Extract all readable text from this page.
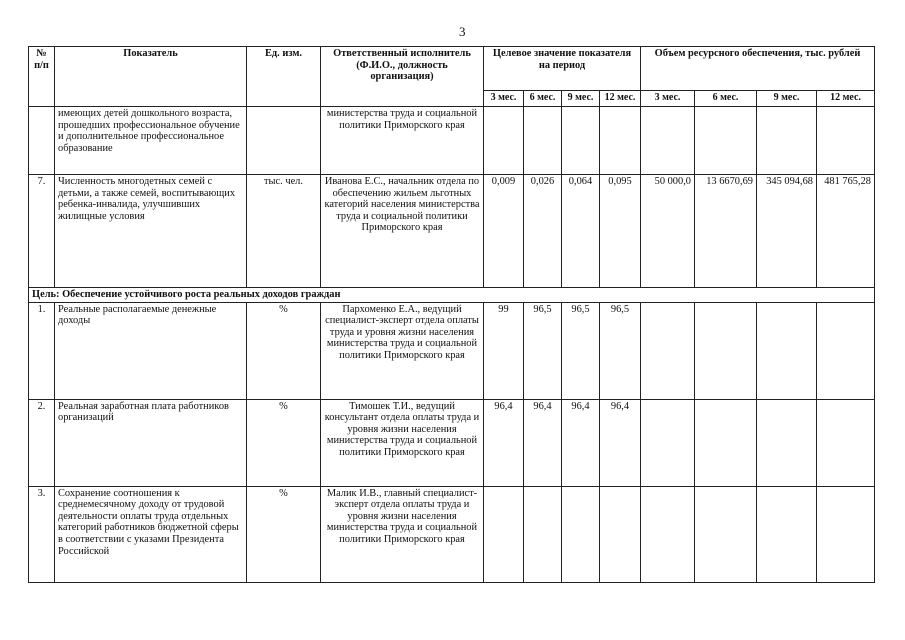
3
№ п/п	Показатель	Ед. изм.	Ответственный исполнитель (Ф.И.О., должность организация)	Целевое значение показателя на период				Объем ресурсного обеспечения, тыс. рублей			
				3 мес.	6 мес.	9 мес.	12 мес.	3 мес.	6 мес.	9 мес.	12 мес.
	имеющих детей дошкольного возраста, прошедших профессиональное обучение и дополнительное профессиональное образование		министерства труда и социальной политики Приморского края								
7.	Численность многодетных семей с детьми, а также семей, воспитывающих ребенка-инвалида, улучшивших жилищные условия	тыс. чел.	Иванова Е.С., начальник отдела по обеспечению жильем льготных категорий населения министерства труда и социальной политики Приморского края	0,009	0,026	0,064	0,095	50 000,0	13 6670,69	345 094,68	481 765,28
Цель: Обеспечение устойчивого роста реальных доходов граждан											
1.	Реальные располагаемые денежные доходы	%	Пархоменко Е.А., ведущий специалист-эксперт отдела оплаты труда и уровня жизни населения министерства труда и социальной политики Приморского края	99	96,5	96,5	96,5				
2.	Реальная заработная плата работников организаций	%	Тимошек Т.И., ведущий консультант отдела оплаты труда и уровня жизни населения министерства труда и социальной политики Приморского края	96,4	96,4	96,4	96,4				
3.	Сохранение соотношения к среднемесячному доходу от трудовой деятельности оплаты труда отдельных категорий работников бюджетной сферы в соответствии с указами Президента Российской	%	Малик И.В., главный специалист-эксперт отдела оплаты труда и уровня жизни населения министерства труда и социальной политики Приморского края								
